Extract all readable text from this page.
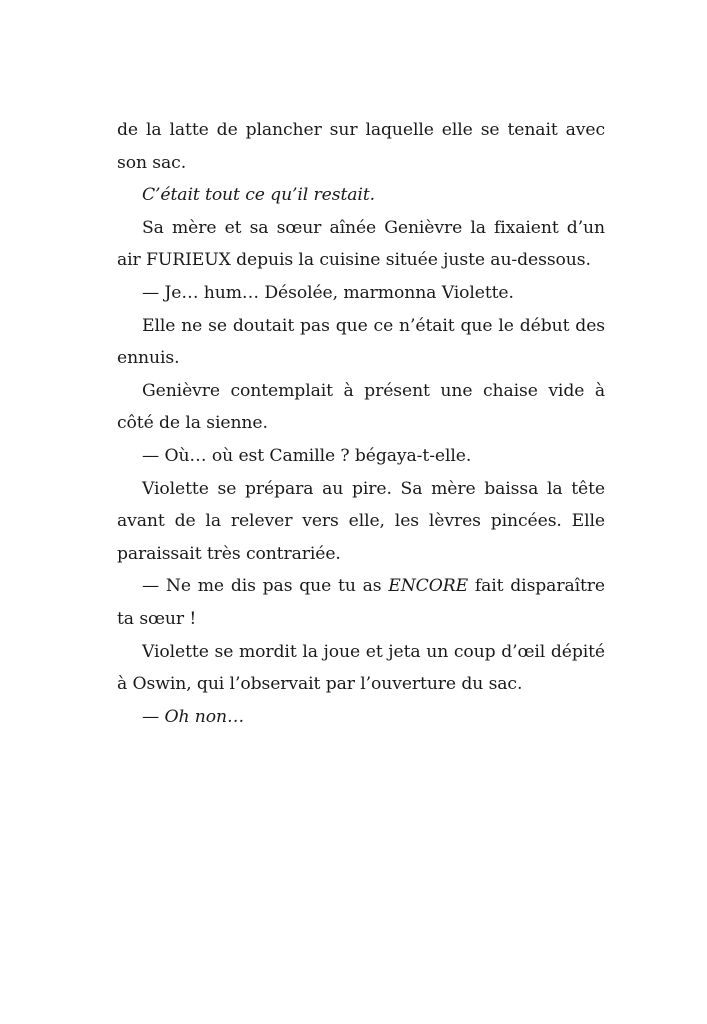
de la latte de plancher sur laquelle elle se tenait avec son sac.

C’était tout ce qu’il restait.

Sa mère et sa sœur aînée Genièvre la fixaient d’un air FURIEUX depuis la cuisine située juste au-dessous.

— Je… hum… Désolée, marmonna Violette.

Elle ne se doutait pas que ce n’était que le début des ennuis.

Genièvre contemplait à présent une chaise vide à côté de la sienne.

— Où… où est Camille ? bégaya-t-elle.

Violette se prépara au pire. Sa mère baissa la tête avant de la relever vers elle, les lèvres pincées. Elle paraissait très contrariée.

— Ne me dis pas que tu as ENCORE fait disparaître ta sœur !

Violette se mordit la joue et jeta un coup d’œil dépité à Oswin, qui l’observait par l’ouverture du sac.

— Oh non…
